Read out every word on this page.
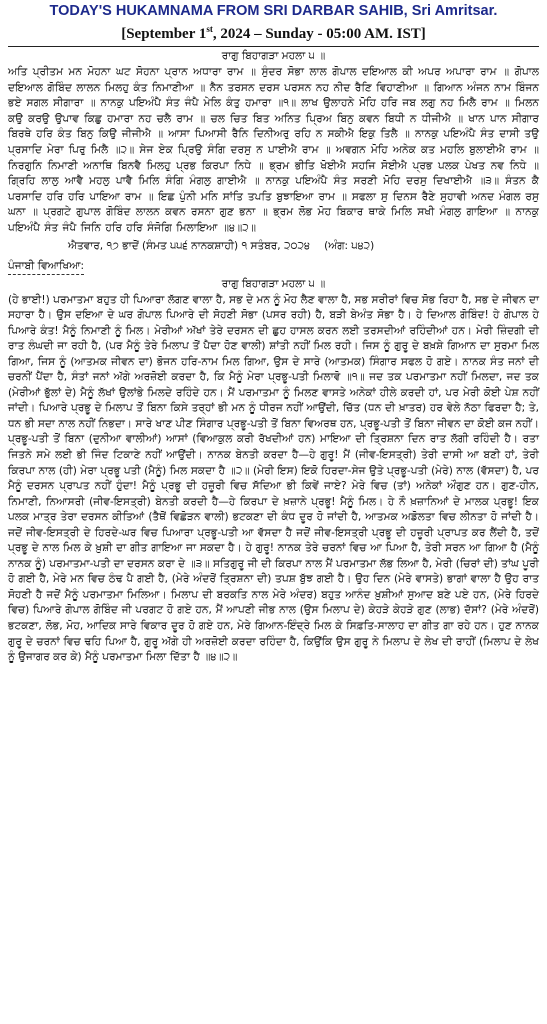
TODAY'S HUKAMNAMA FROM SRI DARBAR SAHIB, Sri Amritsar.

[September 1st, 2024 – Sunday - 05:00 AM. IST]

ਰਾਗੁ ਬਿਹਾਗੜਾ ਮਹਲਾ ੫ ॥

ਅਤਿ ਪ੍ਰੀਤਮ ਮਨ ਮੋਹਨਾ ਘਟ ਸੋਹਨਾ ਪ੍ਰਾਨ ਅਧਾਰਾ ਰਾਮ ॥ ਸੁੰਦਰ ਸੋਭਾ ਲਾਲ ਗੋਪਾਲ ਦਇਆਲ ਕੀ ਅਪਰ ਅਪਾਰਾ ਰਾਮ ॥ ਗੋਪਾਲ ਦਇਆਲ ਗੋਬਿੰਦ ਲਾਲਨ ਮਿਲਹੁ ਕੰਤ ਨਿਮਾਣੀਆ ॥ ਨੈਨ ਤਰਸਨ ਦਰਸ ਪਰਸਨ ਨਹ ਨੀਦ ਰੈਣਿ ਵਿਹਾਣੀਆ ॥ ਗਿਆਨ ਅੰਜਨ ਨਾਮ ਬਿੰਜਨ ਭਏ ਸਗਲ ਸੀਗਾਰਾ ॥ ਨਾਨਕੁ ਪਇਅੰਪੈ ਸੰਤ ਜੰਪੈ ਮੇਲਿ ਕੰਤੁ ਹਮਾਰਾ ॥੧॥ ਲਾਖ ਉਲਾਹਨੇ ਮੋਹਿ ਹਰਿ ਜਬ ਲਗੁ ਨਹ ਮਿਲੈ ਰਾਮ ॥ ਮਿਲਨ ਕਉ ਕਰਉ ਉਪਾਵ ਕਿਛੁ ਹਮਾਰਾ ਨਹ ਚਲੈ ਰਾਮ ॥ ਚਲ ਚਿਤ ਬਿਤ ਅਨਿਤ ਪ੍ਰਿਅ ਬਿਨੁ ਕਵਨ ਬਿਧੀ ਨ ਧੀਜੀਐ ॥ ਖਾਨ ਪਾਨ ਸੀਗਾਰ ਬਿਰਥੇ ਹਰਿ ਕੰਤ ਬਿਨੁ ਕਿਉ ਜੀਜੀਐ ॥ ਆਸਾ ਪਿਆਸੀ ਰੈਨਿ ਦਿਨੀਅਰੁ ਰਹਿ ਨ ਸਕੀਐ ਇਕੁ ਤਿਲੈ ॥ ਨਾਨਕੁ ਪਇਅੰਪੈ ਸੰਤ ਦਾਸੀ ਤਉ ਪ੍ਰਸਾਦਿ ਮੇਰਾ ਪਿਰੁ ਮਿਲੈ ॥੨॥ ਸੇਜ ਏਕ ਪ੍ਰਿਉ ਸੰਗਿ ਦਰਸੁ ਨ ਪਾਈਐ ਰਾਮ ॥ ਅਵਗਨ ਮੋਹਿ ਅਨੇਕ ਕਤ ਮਹਲਿ ਬੁਲਾਈਐ ਰਾਮ ॥ ਨਿਰਗੁਨਿ ਨਿਮਾਣੀ ਅਨਾਥਿ ਬਿਨਵੈ ਮਿਲਹੁ ਪ੍ਰਭ ਕਿਰਪਾ ਨਿਧੇ ॥ ਭ੍ਰਮ ਭੀਤਿ ਖੋਈਐ ਸਹਜਿ ਸੋਈਐ ਪ੍ਰਭ ਪਲਕ ਪੇਖਤ ਨਵ ਨਿਧੇ ॥ ਗ੍ਰਿਹਿ ਲਾਲੁ ਆਵੈ ਮਹਲੁ ਪਾਵੈ ਮਿਲਿ ਸੰਗਿ ਮੰਗਲੁ ਗਾਈਐ ॥ ਨਾਨਕੁ ਪਇਅੰਪੈ ਸੰਤ ਸਰਣੀ ਮੋਹਿ ਦਰਸੁ ਦਿਖਾਈਐ ॥੩॥ ਸੰਤਨ ਕੈ ਪਰਸਾਦਿ ਹਰਿ ਹਰਿ ਪਾਇਆ ਰਾਮ ॥ ਇਛ ਪੁੰਨੀ ਮਨਿ ਸਾਂਤਿ ਤਪਤਿ ਬੁਝਾਇਆ ਰਾਮ ॥ ਸਫਲਾ ਸੁ ਦਿਨਸ ਰੈਣੇ ਸੁਹਾਵੀ ਅਨਦ ਮੰਗਲ ਰਸੁ ਘਨਾ ॥ ਪ੍ਰਗਟੇ ਗੁਪਾਲ ਗੋਬਿੰਦ ਲਾਲਨ ਕਵਨ ਰਸਨਾ ਗੁਣ ਭਨਾ ॥ ਭ੍ਰਮ ਲੋਭ ਮੋਹ ਬਿਕਾਰ ਥਾਕੇ ਮਿਲਿ ਸਖੀ ਮੰਗਲੁ ਗਾਇਆ ॥ ਨਾਨਕੁ ਪਇਅੰਪੈ ਸੰਤ ਜੰਪੈ ਜਿਨਿ ਹਰਿ ਹਰਿ ਸੰਜੋਗਿ ਮਿਲਾਇਆ ॥੪॥੨॥

ਐਤਵਾਰ, ੧੭ ਭਾਦੋਂ (ਸੰਮਤ ੫੫੬ ਨਾਨਕਸ਼ਾਹੀ) ੧ ਸਤੰਬਰ, ੨੦੨੪ (ਅੰਗ: ੫੪੨)

ਪੰਜਾਬੀ ਵਿਆਖਿਆ:

ਰਾਗੁ ਬਿਹਾਗੜਾ ਮਹਲਾ ੫ ॥

(ਹੇ ਭਾਈ!) ਪਰਮਾਤਮਾ ਬਹੁਤ ਹੀ ਪਿਆਰਾ ਲੱਗਣ ਵਾਲਾ ਹੈ, ਸਭ ਦੇ ਮਨ ਨੂੰ ਮੋਹ ਲੈਣ ਵਾਲਾ ਹੈ, ਸਭ ਸਰੀਰਾਂ ਵਿਚ ਸੋਭ ਰਿਹਾ ਹੈ, ਸਭ ਦੇ ਜੀਵਨ ਦਾ ਸਹਾਰਾ ਹੈ। ਉਸ ਦਇਆ ਦੇ ਘਰ ਗੋਪਾਲ ਪਿਆਰੇ ਦੀ ਸੋਹਣੀ ਸੋਭਾ (ਪਸਰ ਰਹੀ) ਹੈ, ਬੜੀ ਬੇਅੰਤ ਸੋਭਾ ਹੈ। ਹੇ ਦਿਆਲ ਗੋਬਿੰਦ! ਹੇ ਗੋਪਾਲ ਹੇ ਪਿਆਰੇ ਕੰਤ! ਮੈਨੂੰ ਨਿਮਾਣੀ ਨੂੰ ਮਿਲ। ਮੇਰੀਆਂ ਅੱਖਾਂ ਤੇਰੇ ਦਰਸਨ ਦੀ ਛੁਹ ਹਾਸਲ ਕਰਨ ਲਈ ਤਰਸਦੀਆਂ ਰਹਿੰਦੀਆਂ ਹਨ। ਮੇਰੀ ਜ਼ਿੰਦਗੀ ਦੀ ਰਾਤ ਲੰਘਦੀ ਜਾ ਰਹੀ ਹੈ, (ਪਰ ਮੈਨੂੰ ਤੇਰੇ ਮਿਲਾਪ ਤੋਂ ਪੈਦਾ ਹੋਣ ਵਾਲੀ) ਸ਼ਾਂਤੀ ਨਹੀਂ ਮਿਲ ਰਹੀ। ਜਿਸ ਨੂੰ ਗੁਰੂ ਦੇ ਬਖ਼ਸ਼ੇ ਗਿਆਨ ਦਾ ਸੁਰਮਾ ਮਿਲ ਗਿਆ, ਜਿਸ ਨੂੰ (ਆਤਮਕ ਜੀਵਨ ਦਾ) ਭੋਜਨ ਹਰਿ-ਨਾਮ ਮਿਲ ਗਿਆ, ਉਸ ਦੇ ਸਾਰੇ (ਆਤਮਕ) ਸਿੰਗਾਰ ਸਫਲ ਹੋ ਗਏ। ਨਾਨਕ ਸੰਤ ਜਨਾਂ ਦੀ ਚਰਨੀਂ ਪੈਂਦਾ ਹੈ, ਸੰਤਾਂ ਜਨਾਂ ਅੱਗੇ ਅਰਜ਼ੋਈ ਕਰਦਾ ਹੈ, ਕਿ ਮੈਨੂੰ ਮੇਰਾ ਪ੍ਰਭੂ-ਪਤੀ ਮਿਲਾਵੋ ॥੧॥ ਜਦ ਤਕ ਪਰਮਾਤਮਾ ਨਹੀਂ ਮਿਲਦਾ, ਜਦ ਤਕ (ਮੇਰੀਆਂ ਭੁੱਲਾਂ ਦੇ) ਮੈਨੂੰ ਲੱਖਾਂ ਉਲਾਂਭੇ ਮਿਲਦੇ ਰਹਿੰਦੇ ਹਨ। ਮੈਂ ਪਰਮਾਤਮਾ ਨੂੰ ਮਿਲਣ ਵਾਸਤੇ ਅਨੇਕਾਂ ਹੀਲੇ ਕਰਦੀ ਹਾਂ, ਪਰ ਮੇਰੀ ਕੋਈ ਪੇਸ਼ ਨਹੀਂ ਜਾਂਦੀ। ਪਿਆਰੇ ਪ੍ਰਭੂ ਦੇ ਮਿਲਾਪ ਤੋਂ ਬਿਨਾ ਕਿਸੇ ਤਰ੍ਹਾਂ ਭੀ ਮਨ ਨੂੰ ਧੀਰਜ ਨਹੀਂ ਆਉਂਦੀ, ਚਿੱਤ (ਧਨ ਦੀ ਖ਼ਾਤਰ) ਹਰ ਵੇਲੇ ਨੱਠਾ ਫਿਰਦਾ ਹੈ; ਤੇ, ਧਨ ਭੀ ਸਦਾ ਨਾਲ ਨਹੀਂ ਨਿਭਦਾ। ਸਾਰੇ ਖਾਣ ਪੀਣ ਸਿੰਗਾਰ ਪ੍ਰਭੂ-ਪਤੀ ਤੋਂ ਬਿਨਾ ਵਿਅਰਥ ਹਨ, ਪ੍ਰਭੂ-ਪਤੀ ਤੋਂ ਬਿਨਾ ਜੀਵਨ ਦਾ ਕੋਈ ਕਜ ਨਹੀਂ। ਪ੍ਰਭੂ-ਪਤੀ ਤੋਂ ਬਿਨਾ (ਦੁਨੀਆ ਵਾਲੀਆਂ) ਆਸਾਂ (ਵਿਆਕੁਲ ਕਰੀ ਰੱਖਦੀਆਂ ਹਨ) ਮਾਇਆ ਦੀ ਤ੍ਰਿਸ਼ਨਾ ਦਿਨ ਰਾਤ ਲੱਗੀ ਰਹਿੰਦੀ ਹੈ। ਰਤਾ ਜਿਤਨੇ ਸਮੇ ਲਈ ਭੀ ਜਿੰਦ ਟਿਕਾਣੇ ਨਹੀਂ ਆਉਂਦੀ। ਨਾਨਕ ਬੇਨਤੀ ਕਰਦਾ ਹੈ—ਹੇ ਗੁਰੂ! ਮੈਂ (ਜੀਵ-ਇਸਤ੍ਰੀ) ਤੇਰੀ ਦਾਸੀ ਆ ਬਣੀ ਹਾਂ, ਤੇਰੀ ਕਿਰਪਾ ਨਾਲ (ਹੀ) ਮੇਰਾ ਪ੍ਰਭੂ ਪਤੀ (ਮੈਨੂੰ) ਮਿਲ ਸਕਦਾ ਹੈ ॥੨॥ (ਮੇਰੀ ਇਸ) ਇਕੋ ਹਿਰਦਾ-ਸੇਜ ਉਤੇ ਪ੍ਰਭੂ-ਪਤੀ (ਮੇਰੇ) ਨਾਲ (ਵੱਸਦਾ) ਹੈ, ਪਰ ਮੈਨੂੰ ਦਰਸਨ ਪ੍ਰਾਪਤ ਨਹੀਂ ਹੁੰਦਾ! ਮੈਨੂੰ ਪ੍ਰਭੂ ਦੀ ਹਜ਼ੂਰੀ ਵਿਚ ਸੱਦਿਆ ਭੀ ਕਿਵੇਂ ਜਾਏ? ਮੇਰੇ ਵਿਚ (ਤਾਂ) ਅਨੇਕਾਂ ਔਗੁਣ ਹਨ। ਗੁਣ-ਹੀਨ, ਨਿਮਾਣੀ, ਨਿਆਸਰੀ (ਜੀਵ-ਇਸਤ੍ਰੀ) ਬੇਨਤੀ ਕਰਦੀ ਹੈ—ਹੇ ਕਿਰਪਾ ਦੇ ਖ਼ਜ਼ਾਨੇ ਪ੍ਰਭੂ! ਮੈਨੂੰ ਮਿਲ। ਹੇ ਨੌ ਖ਼ਜ਼ਾਨਿਆਂ ਦੇ ਮਾਲਕ ਪ੍ਰਭੂ! ਇਕ ਪਲਕ ਮਾਤ੍ਰ ਤੇਰਾ ਦਰਸਨ ਕੀਤਿਆਂ (ਤੈਥੋਂ ਵਿਛੋੜਨ ਵਾਲੀ) ਭਟਕਣਾ ਦੀ ਕੰਧ ਦੂਰ ਹੋ ਜਾਂਦੀ ਹੈ, ਆਤਮਕ ਅਡੋਲਤਾ ਵਿਚ ਲੀਨਤਾ ਹੋ ਜਾਂਦੀ ਹੈ। ਜਦੋਂ ਜੀਵ-ਇਸਤ੍ਰੀ ਦੇ ਹਿਰਦੇ-ਘਰ ਵਿਚ ਪਿਆਰਾ ਪ੍ਰਭੂ-ਪਤੀ ਆ ਵੱਸਦਾ ਹੈ ਜਦੋਂ ਜੀਵ-ਇਸਤ੍ਰੀ ਪ੍ਰਭੂ ਦੀ ਹਜ਼ੂਰੀ ਪ੍ਰਾਪਤ ਕਰ ਲੈਂਦੀ ਹੈ, ਤਦੋਂ ਪ੍ਰਭੂ ਦੇ ਨਾਲ ਮਿਲ ਕੇ ਖ਼ੁਸ਼ੀ ਦਾ ਗੀਤ ਗਾਇਆ ਜਾ ਸਕਦਾ ਹੈ। ਹੇ ਗੁਰੂ! ਨਾਨਕ ਤੇਰੇ ਚਰਨਾਂ ਵਿਚ ਆ ਪਿਆ ਹੈ, ਤੇਰੀ ਸਰਨ ਆ ਗਿਆ ਹੈ (ਮੈਨੂੰ ਨਾਨਕ ਨੂੰ) ਪਰਮਾਤਮਾ-ਪਤੀ ਦਾ ਦਰਸਨ ਕਰਾ ਦੇ ॥੩॥ ਸਤਿਗੁਰੂ ਜੀ ਦੀ ਕਿਰਪਾ ਨਾਲ ਮੈਂ ਪਰਮਾਤਮਾ ਲੱਭ ਲਿਆ ਹੈ, ਮੇਰੀ (ਚਿਰਾਂ ਦੀ) ਤਾਂਘ ਪੂਰੀ ਹੋ ਗਈ ਹੈ, ਮੇਰੇ ਮਨ ਵਿਚ ਠੰਢ ਪੈ ਗਈ ਹੈ, (ਮੇਰੇ ਅੰਦਰੋਂ ਤ੍ਰਿਸ਼ਨਾ ਦੀ) ਤਪਸ਼ ਬੁੱਝ ਗਈ ਹੈ। ਉਹ ਦਿਨ (ਮੇਰੇ ਵਾਸਤੇ) ਭਾਗਾਂ ਵਾਲਾ ਹੈ ਉਹ ਰਾਤ ਸੋਹਣੀ ਹੈ ਜਦੋਂ ਮੈਨੂੰ ਪਰਮਾਤਮਾ ਮਿਲਿਆ। ਮਿਲਾਪ ਦੀ ਬਰਕਤਿ ਨਾਲ ਮੇਰੇ ਅੰਦਰ) ਬਹੁਤ ਆਨੰਦ ਖ਼ੁਸ਼ੀਆਂ ਸੁਆਦ ਬਣੇ ਪਏ ਹਨ, (ਮੇਰੇ ਹਿਰਦੇ ਵਿਚ) ਪਿਆਰੇ ਗੋਪਾਲ ਗੋਬਿੰਦ ਜੀ ਪਰਗਟ ਹੋ ਗਏ ਹਨ, ਮੈਂ ਆਪਣੀ ਜੀਭ ਨਾਲ (ਉਸ ਮਿਲਾਪ ਦੇ) ਕੇਹੜੇ ਕੇਹੜੇ ਗੁਣ (ਲਾਭ) ਦੱਸਾਂ? (ਮੇਰੇ ਅੰਦਰੋਂ) ਭਟਕਣਾ, ਲੋਭ, ਮੋਹ, ਆਦਿਕ ਸਾਰੇ ਵਿਕਾਰ ਦੂਰ ਹੋ ਗਏ ਹਨ, ਮੇਰੇ ਗਿਆਨ-ਇੰਦ੍ਰੇ ਮਿਲ ਕੇ ਸਿਫ਼ਤਿ-ਸਾਲਾਹ ਦਾ ਗੀਤ ਗਾ ਰਹੇ ਹਨ। ਹੁਣ ਨਾਨਕ ਗੁਰੂ ਦੇ ਚਰਨਾਂ ਵਿਚ ਢਹਿ ਪਿਆ ਹੈ, ਗੁਰੂ ਅੱਗੇ ਹੀ ਅਰਜ਼ੋਈ ਕਰਦਾ ਰਹਿੰਦਾ ਹੈ, ਕਿਉਂਕਿ ਉਸ ਗੁਰੂ ਨੇ ਮਿਲਾਪ ਦੇ ਲੇਖ ਦੀ ਰਾਹੀਂ (ਮਿਲਾਪ ਦੇ ਲੇਖ ਨੂੰ ਉਜਾਗਰ ਕਰ ਕੇ) ਮੈਨੂੰ ਪਰਮਾਤਮਾ ਮਿਲਾ ਦਿੱਤਾ ਹੈ ॥੪॥੨॥
